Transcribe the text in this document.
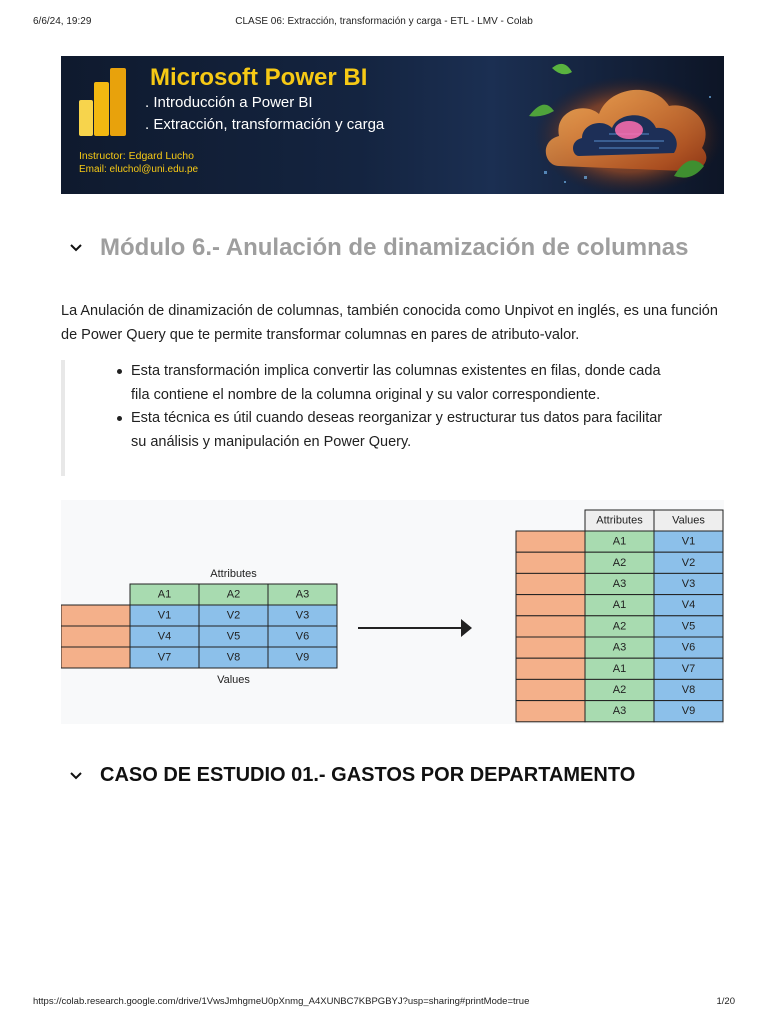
6/6/24, 19:29	CLASE 06: Extracción, transformación y carga - ETL - LMV - Colab
Microsoft Power BI
. Introducción a Power BI
. Extracción, transformación y carga
Instructor: Edgard Lucho
Email: eluchol@uni.edu.pe
Módulo 6.- Anulación de dinamización de columnas

La Anulación de dinamización de columnas, también conocida como Unpivot en inglés, es una función de Power Query que te permite transformar columnas en pares de atributo-valor.

Esta transformación implica convertir las columnas existentes en filas, donde cada fila contiene el nombre de la columna original y su valor correspondiente.
Esta técnica es útil cuando deseas reorganizar y estructurar tus datos para facilitar su análisis y manipulación en Power Query.
Attributes
A1	A2	A3
V1	V2	V3
V4	V5	V6
V7	V8	V9
Values
Attributes	Values
A1	V1
A2	V2
A3	V3
A1	V4
A2	V5
A3	V6
A1	V7
A2	V8
A3	V9
CASO DE ESTUDIO 01.- GASTOS POR DEPARTAMENTO
https://colab.research.google.com/drive/1VwsJmhgmeU0pXnmg_A4XUNBC7KBPGBYJ?usp=sharing#printMode=true	1/20
